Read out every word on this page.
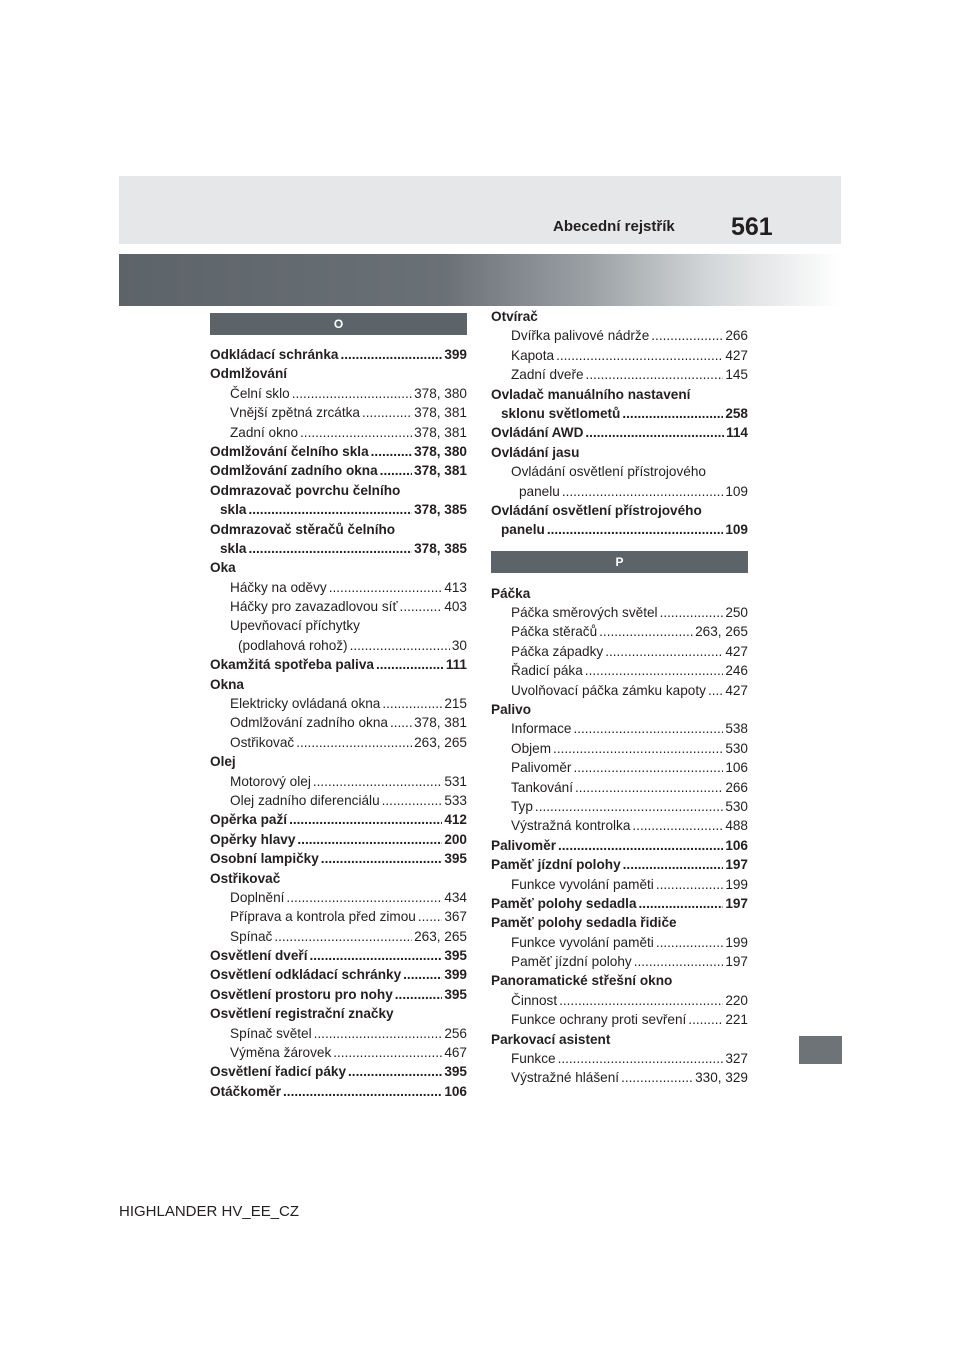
Abecední rejstřík 561
O
Odkládací schránka .....	399
Odmlžování
Čelní sklo .....	378, 380
Vnější zpětná zrcátka .....	378, 381
Zadní okno .....	378, 381
Odmlžování čelního skla .....	378, 380
Odmlžování zadního okna .....	378, 381
Odmrazovač povrchu čelního
skla .....	378, 385
Odmrazovač stěračů čelního
skla .....	378, 385
Oka
Háčky na oděvy .....	413
Háčky pro zavazadlovou síť .....	403
Upevňovací příchytky
(podlahová rohož) .....	30
Okamžitá spotřeba paliva .....	111
Okna
Elektricky ovládaná okna .....	215
Odmlžování zadního okna ..... 378, 381
Ostřikovač .....	263, 265
Olej
Motorový olej .....	531
Olej zadního diferenciálu .....	533
Opěrka paží .....	412
Opěrky hlavy .....	200
Osobní lampičky .....	395
Ostřikovač
Doplnění .....	434
Příprava a kontrola před zimou ..... 367
Spínač .....	263, 265
Osvětlení dveří .....	395
Osvětlení odkládací schránky .....	399
Osvětlení prostoru pro nohy .....	395
Osvětlení registrační značky
Spínač světel .....	256
Výměna žárovek .....	467
Osvětlení řadicí páky .....	395
Otáčkoměr .....	106
Otvírač
Dvířka palivové nádrže .....	266
Kapota .....	427
Zadní dveře .....	145
Ovladač manuálního nastavení
sklonu světlometů .....	258
Ovládání AWD .....	114
Ovládání jasu
Ovládání osvětlení přístrojového
panelu .....	109
Ovládání osvětlení přístrojového
panelu .....	109
P
Páčka
Páčka směrových světel .....	250
Páčka stěračů .....	263, 265
Páčka západky .....	427
Řadicí páka .....	246
Uvolňovací páčka zámku kapoty ..... 427
Palivo
Informace .....	538
Objem .....	530
Palivoměr .....	106
Tankování .....	266
Typ .....	530
Výstražná kontrolka .....	488
Palivoměr .....	106
Paměť jízdní polohy .....	197
Funkce vyvolání paměti .....	199
Paměť polohy sedadla .....	197
Paměť polohy sedadla řidiče
Funkce vyvolání paměti .....	199
Paměť jízdní polohy .....	197
Panoramatické střešní okno
Činnost .....	220
Funkce ochrany proti sevření .....	221
Parkovací asistent
Funkce .....	327
Výstražné hlášení .....	330, 329
HIGHLANDER HV_EE_CZ
